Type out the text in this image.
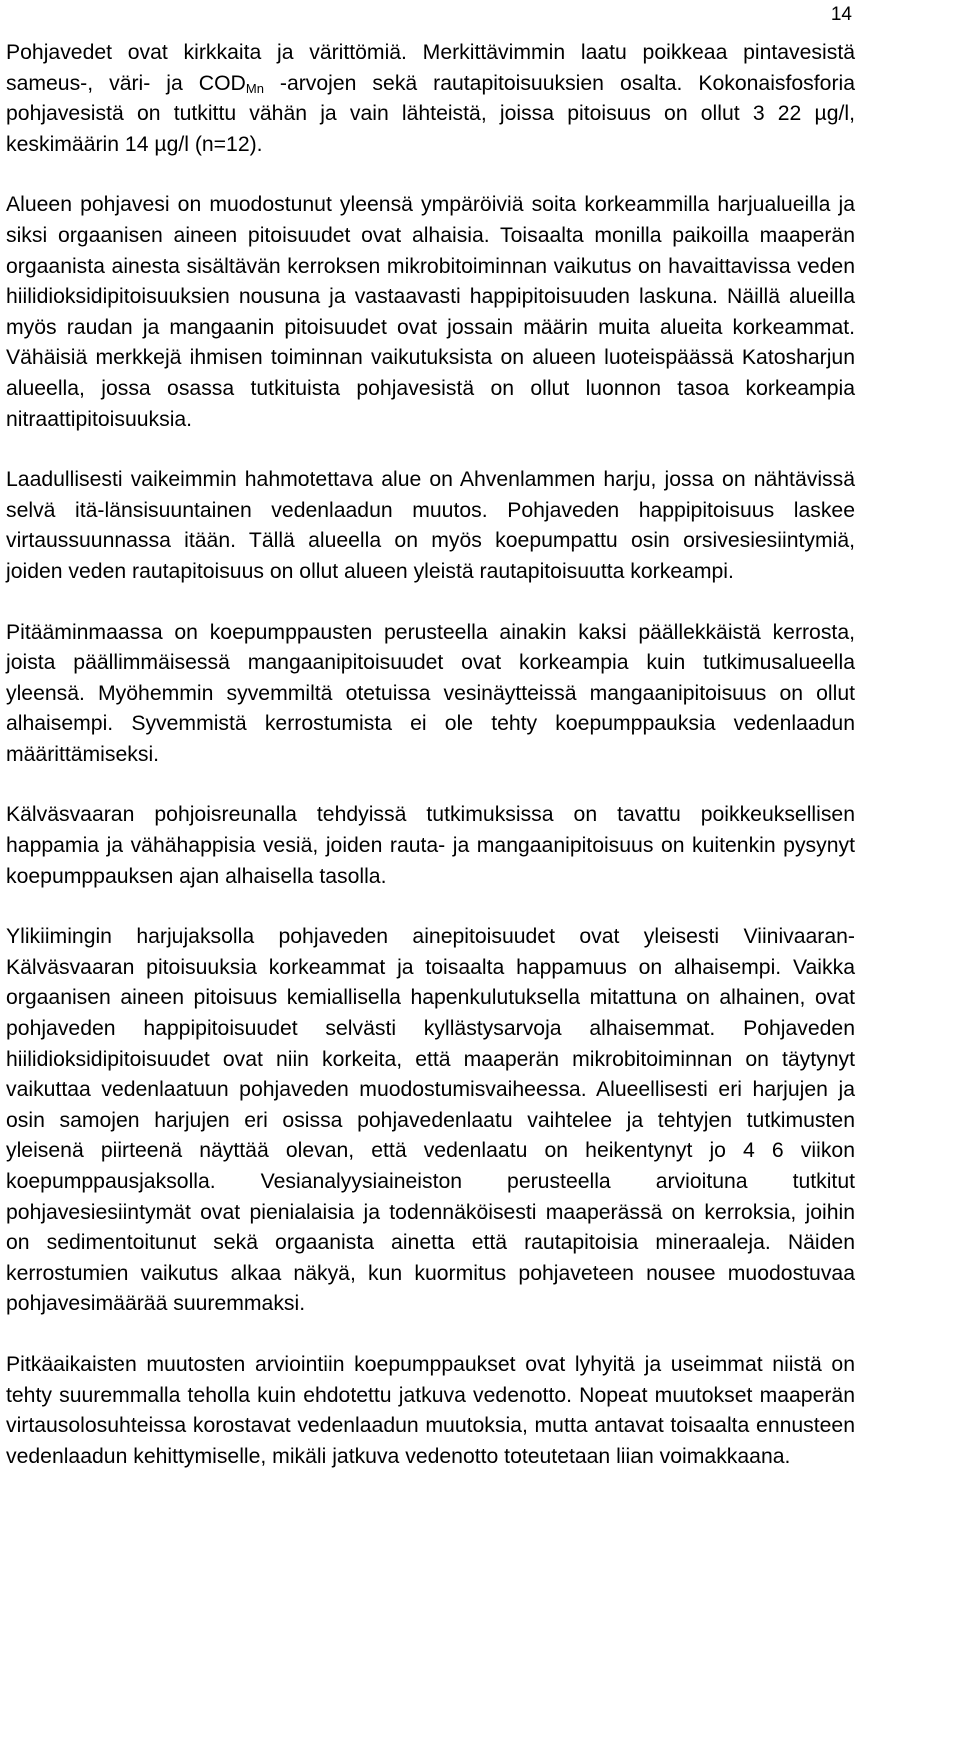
14

Pohjavedet ovat kirkkaita ja värittömiä. Merkittävimmin laatu poikkeaa pintavesistä sameus-, väri- ja $COD_{Mn}$ -arvojen sekä rautapitoisuuksien osalta. Kokonaisfosforia pohjavesistä on tutkittu vähän ja vain lähteistä, joissa pitoisuus on ollut 3 22 µg/l, keskimäärin 14 µg/l (n=12).

Alueen pohjavesi on muodostunut yleensä ympäröiviä soita korkeammilla harjualueilla ja siksi orgaanisen aineen pitoisuudet ovat alhaisia. Toisaalta monilla paikoilla maaperän orgaanista ainesta sisältävän kerroksen mikrobitoiminnan vaikutus on havaittavissa veden hiilidioksidipitoisuuksien nousuna ja vastaavasti happipitoisuuden laskuna. Näillä alueilla myös raudan ja mangaanin pitoisuudet ovat jossain määrin muita alueita korkeammat. Vähäisiä merkkejä ihmisen toiminnan vaikutuksista on alueen luoteispäässä Katosharjun alueella, jossa osassa tutkituista pohjavesistä on ollut luonnon tasoa korkeampia nitraattipitoisuuksia.

Laadullisesti vaikeimmin hahmotettava alue on Ahvenlammen harju, jossa on nähtävissä selvä itä-länsisuuntainen vedenlaadun muutos. Pohjaveden happipitoisuus laskee virtaussuunnassa itään. Tällä alueella on myös koepumpattu osin orsivesiesiintymiä, joiden veden rautapitoisuus on ollut alueen yleistä rautapitoisuutta korkeampi.

Pitääminmaassa on koepumppausten perusteella ainakin kaksi päällekkäistä kerrosta, joista päällimmäisessä mangaanipitoisuudet ovat korkeampia kuin tutkimusalueella yleensä. Myöhemmin syvemmiltä otetuissa vesinäytteissä mangaanipitoisuus on ollut alhaisempi. Syvemmistä kerrostumista ei ole tehty koepumppauksia vedenlaadun määrittämiseksi.

Kälväsvaaran pohjoisreunalla tehdyissä tutkimuksissa on tavattu poikkeuksellisen happamia ja vähähappisia vesiä, joiden rauta- ja mangaanipitoisuus on kuitenkin pysynyt koepumppauksen ajan alhaisella tasolla.

Ylikiimingin harjujaksolla pohjaveden ainepitoisuudet ovat yleisesti Viinivaaran-Kälväsvaaran pitoisuuksia korkeammat ja toisaalta happamuus on alhaisempi. Vaikka orgaanisen aineen pitoisuus kemiallisella hapenkulutuksella mitattuna on alhainen, ovat pohjaveden happipitoisuudet selvästi kyllästysarvoja alhaisemmat. Pohjaveden hiilidioksidipitoisuudet ovat niin korkeita, että maaperän mikrobitoiminnan on täytynyt vaikuttaa vedenlaatuun pohjaveden muodostumisvaiheessa. Alueellisesti eri harjujen ja osin samojen harjujen eri osissa pohjavedenlaatu vaihtelee ja tehtyjen tutkimusten yleisenä piirteenä näyttää olevan, että vedenlaatu on heikentynyt jo 4 6 viikon koepumppausjaksolla. Vesianalyysiaineiston perusteella arvioituna tutkitut pohjavesiesiintymät ovat pienialaisia ja todennäköisesti maaperässä on kerroksia, joihin on sedimentoitunut sekä orgaanista ainetta että rautapitoisia mineraaleja. Näiden kerrostumien vaikutus alkaa näkyä, kun kuormitus pohjaveteen nousee muodostuvaa pohjavesimäärää suuremmaksi.

Pitkäaikaisten muutosten arviointiin koepumppaukset ovat lyhyitä ja useimmat niistä on tehty suuremmalla teholla kuin ehdotettu jatkuva vedenotto. Nopeat muutokset maaperän virtausolosuhteissa korostavat vedenlaadun muutoksia, mutta antavat toisaalta ennusteen vedenlaadun kehittymiselle, mikäli jatkuva vedenotto toteutetaan liian voimakkaana.
